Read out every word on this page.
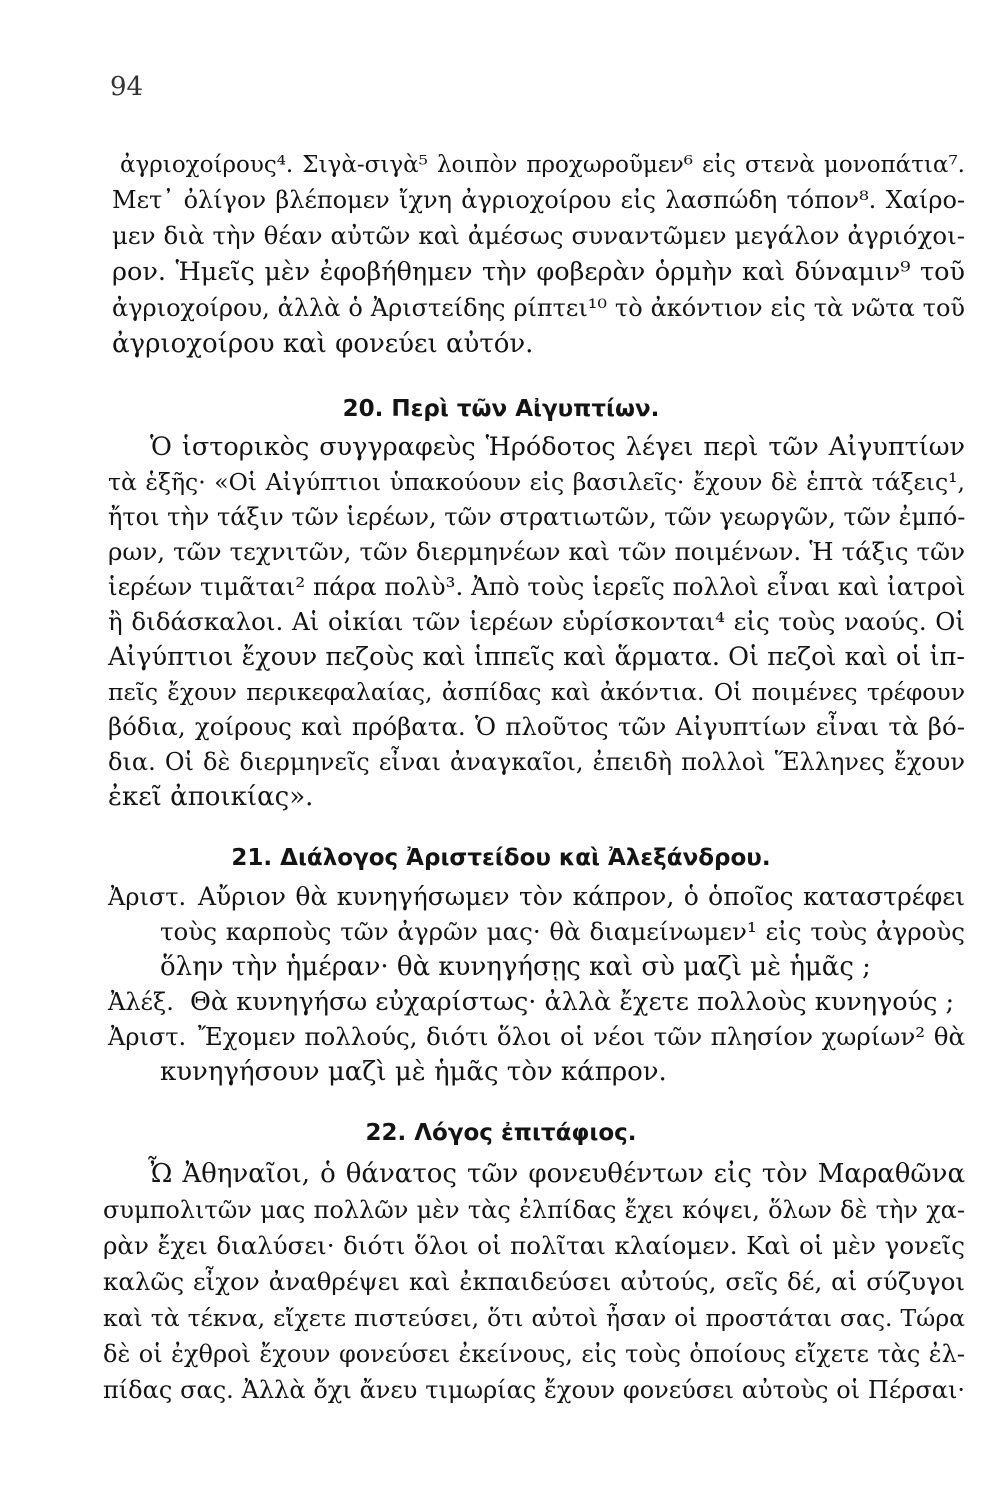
94
ἀγριοχοίρους⁴. Σιγὰ-σιγὰ⁵ λοιπὸν προχωροῦμεν⁶ εἰς στενὰ μονοπάτια⁷.
Μετ᾽ ὀλίγον βλέπομεν ἴχνη ἀγριοχοίρου εἰς λασπώδη τόπον⁸. Χαίρο-
μεν διὰ τὴν θέαν αὐτῶν καὶ ἀμέσως συναντῶμεν μεγάλον ἀγριόχοι-
ρον. Ἡμεῖς μὲν ἐφοβήθημεν τὴν φοβερὰν ὁρμὴν καὶ δύναμιν⁹ τοῦ
ἀγριοχοίρου, ἀλλὰ ὁ Ἀριστείδης ρίπτει¹⁰ τὸ ἀκόντιον εἰς τὰ νῶτα τοῦ
ἀγριοχοίρου καὶ φονεύει αὐτόν.
20. Περὶ τῶν Αἰγυπτίων.
Ὁ ἱστορικὸς συγγραφεὺς Ἡρόδοτος λέγει περὶ τῶν Αἰγυπτίων
τὰ ἑξῆς· «Οἱ Αἰγύπτιοι ὑπακούουν εἰς βασιλεῖς· ἔχουν δὲ ἑπτὰ τάξεις¹,
ἤτοι τὴν τάξιν τῶν ἱερέων, τῶν στρατιωτῶν, τῶν γεωργῶν, τῶν ἐμπό-
ρων, τῶν τεχνιτῶν, τῶν διερμηνέων καὶ τῶν ποιμένων. Ἡ τάξις τῶν
ἱερέων τιμᾶται² πάρα πολὺ³. Ἀπὸ τοὺς ἱερεῖς πολλοὶ εἶναι καὶ ἰατροὶ
ἢ διδάσκαλοι. Αἱ οἰκίαι τῶν ἱερέων εὑρίσκονται⁴ εἰς τοὺς ναούς. Οἱ
Αἰγύπτιοι ἔχουν πεζοὺς καὶ ἱππεῖς καὶ ἅρματα. Οἱ πεζοὶ καὶ οἱ ἱπ-
πεῖς ἔχουν περικεφαλαίας, ἀσπίδας καὶ ἀκόντια. Οἱ ποιμένες τρέφουν
βόδια, χοίρους καὶ πρόβατα. Ὁ πλοῦτος τῶν Αἰγυπτίων εἶναι τὰ βό-
δια. Οἱ δὲ διερμηνεῖς εἶναι ἀναγκαῖοι, ἐπειδὴ πολλοὶ Ἕλληνες ἔχουν
ἐκεῖ ἀποικίας».
21. Διάλογος Ἀριστείδου καὶ Ἀλεξάνδρου.
Ἀριστ. Αὔριον θὰ κυνηγήσωμεν τὸν κάπρον, ὁ ὁποῖος καταστρέφει
τοὺς καρποὺς τῶν ἀγρῶν μας· θὰ διαμείνωμεν¹ εἰς τοὺς ἀγροὺς
ὅλην τὴν ἡμέραν· θὰ κυνηγήσῃς καὶ σὺ μαζὶ μὲ ἡμᾶς ;
Ἀλέξ. Θὰ κυνηγήσω εὐχαρίστως· ἀλλὰ ἔχετε πολλοὺς κυνηγούς ;
Ἀριστ. Ἔχομεν πολλούς, διότι ὅλοι οἱ νέοι τῶν πλησίον χωρίων² θὰ
κυνηγήσουν μαζὶ μὲ ἡμᾶς τὸν κάπρον.
22. Λόγος ἐπιτάφιος.
Ὦ Ἀθηναῖοι, ὁ θάνατος τῶν φονευθέντων εἰς τὸν Μαραθῶνα
συμπολιτῶν μας πολλῶν μὲν τὰς ἐλπίδας ἔχει κόψει, ὅλων δὲ τὴν χα-
ρὰν ἔχει διαλύσει· διότι ὅλοι οἱ πολῖται κλαίομεν. Καὶ οἱ μὲν γονεῖς
καλῶς εἶχον ἀναθρέψει καὶ ἐκπαιδεύσει αὐτούς, σεῖς δέ, αἱ σύζυγοι
καὶ τὰ τέκνα, εἴχετε πιστεύσει, ὅτι αὐτοὶ ἦσαν οἱ προστάται σας. Τώρα
δὲ οἱ ἐχθροὶ ἔχουν φονεύσει ἐκείνους, εἰς τοὺς ὁποίους εἴχετε τὰς ἐλ-
πίδας σας. Ἀλλὰ ὄχι ἄνευ τιμωρίας ἔχουν φονεύσει αὐτοὺς οἱ Πέρσαι·
